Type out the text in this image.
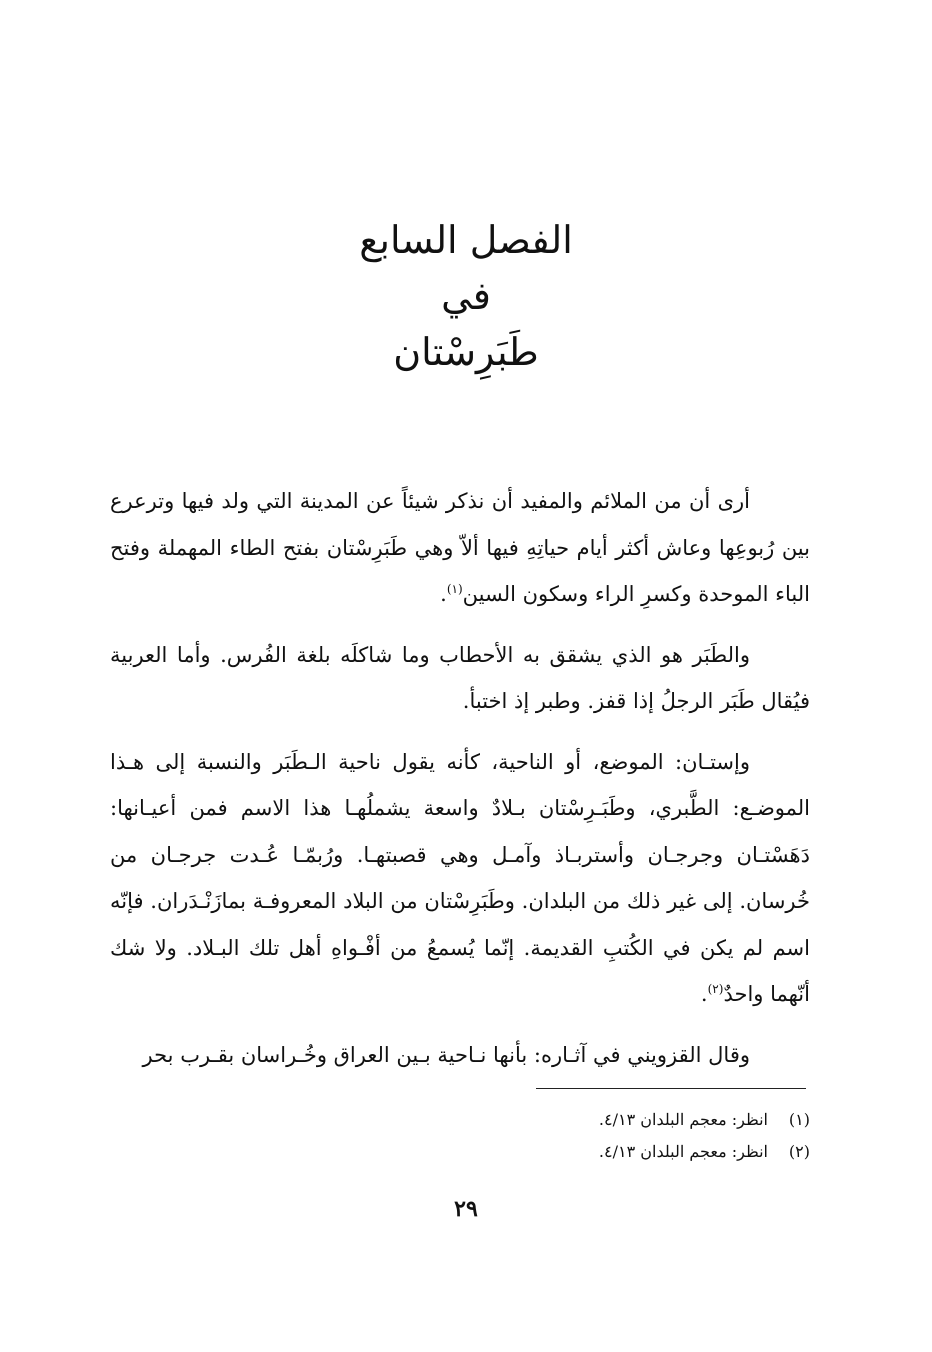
الفصل السابع
في
طَبَرِسْتان

أرى أن من الملائم والمفيد أن نذكر شيئاً عن المدينة التي ولد فيها وترعرع بين رُبوعِها وعاش أكثر أيام حياتِهِ فيها ألاّ وهي طَبَرِسْتان بفتح الطاء المهملة وفتح الباء الموحدة وكسرِ الراء وسكون السين$^{(١)}$.

والطَبَر هو الذي يشقق به الأحطاب وما شاكلَه بلغة الفُرس. وأما العربية فيُقال طَبَر الرجلُ إذا قفز. وطبر إذ اختبأ.

وإستـان: الموضع، أو الناحية، كأنه يقول ناحية الـطَبَر والنسبة إلى هـذا الموضـع: الطَّبري، وطَبَـرِسْتان بـلادٌ واسعة يشملُهـا هذا الاسم فمن أعيـانها: دَهَسْتـان وجرجـان وأستربـاذ وآمـل وهي قصبتهـا. ورُبمّـا عُـدت جرجـان من خُرسان. إلى غير ذلك من البلدان. وطَبَرِسْتان من البلاد المعروفـة بمازَنْـدَران. فإنّه اسم لم يكن في الكُتبِ القديمة. إنّما يُسمعُ من أفْـواهِ أهل تلك البـلاد. ولا شك أنّهما واحدٌ$^{(٢)}$.

وقال القزويني في آثـاره: بأنها نـاحية بـين العراق وخُـراسان بقـرب بحر

(١)
انظر: معجم البلدان ٤/١٣.
(٢)
انظر: معجم البلدان ٤/١٣.
٢٩
